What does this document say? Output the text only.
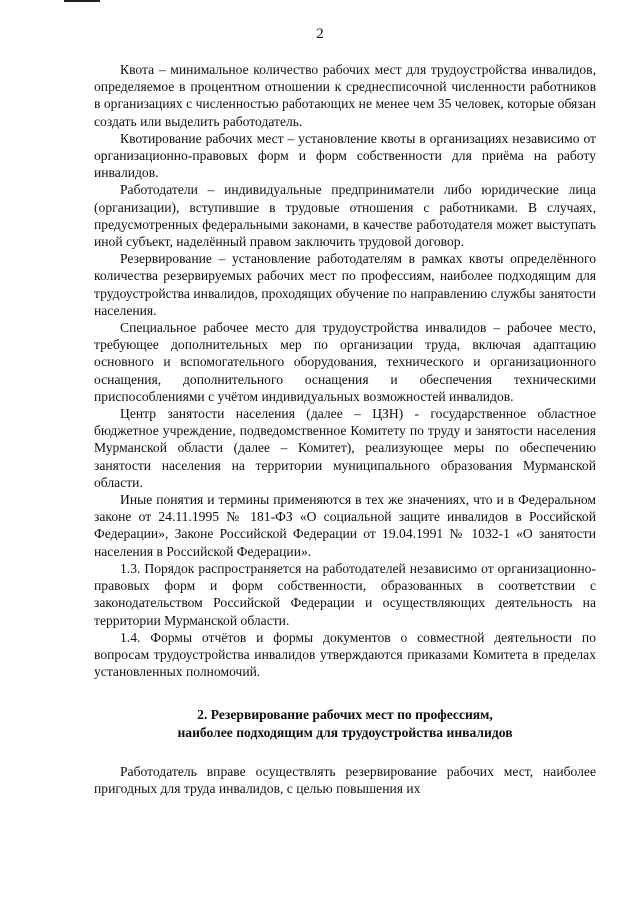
2

Квота – минимальное количество рабочих мест для трудоустройства инвалидов, определяемое в процентном отношении к среднесписочной численности работников в организациях с численностью работающих не менее чем 35 человек, которые обязан создать или выделить работодатель.

Квотирование рабочих мест – установление квоты в организациях независимо от организационно-правовых форм и форм собственности для приёма на работу инвалидов.

Работодатели – индивидуальные предприниматели либо юридические лица (организации), вступившие в трудовые отношения с работниками. В случаях, предусмотренных федеральными законами, в качестве работодателя может выступать иной субъект, наделённый правом заключить трудовой договор.

Резервирование – установление работодателям в рамках квоты определённого количества резервируемых рабочих мест по профессиям, наиболее подходящим для трудоустройства инвалидов, проходящих обучение по направлению службы занятости населения.

Специальное рабочее место для трудоустройства инвалидов – рабочее место, требующее дополнительных мер по организации труда, включая адаптацию основного и вспомогательного оборудования, технического и организационного оснащения, дополнительного оснащения и обеспечения техническими приспособлениями с учётом индивидуальных возможностей инвалидов.

Центр занятости населения (далее – ЦЗН) - государственное областное бюджетное учреждение, подведомственное Комитету по труду и занятости населения Мурманской области (далее – Комитет), реализующее меры по обеспечению занятости населения на территории муниципального образования Мурманской области.

Иные понятия и термины применяются в тех же значениях, что и в Федеральном законе от 24.11.1995 № 181-ФЗ «О социальной защите инвалидов в Российской Федерации», Законе Российской Федерации от 19.04.1991 № 1032-1 «О занятости населения в Российской Федерации».

1.3. Порядок распространяется на работодателей независимо от организационно-правовых форм и форм собственности, образованных в соответствии с законодательством Российской Федерации и осуществляющих деятельность на территории Мурманской области.

1.4. Формы отчётов и формы документов о совместной деятельности по вопросам трудоустройства инвалидов утверждаются приказами Комитета в пределах установленных полномочий.

2. Резервирование рабочих мест по профессиям,
наиболее подходящим для трудоустройства инвалидов

Работодатель вправе осуществлять резервирование рабочих мест, наиболее пригодных для труда инвалидов, с целью повышения их
